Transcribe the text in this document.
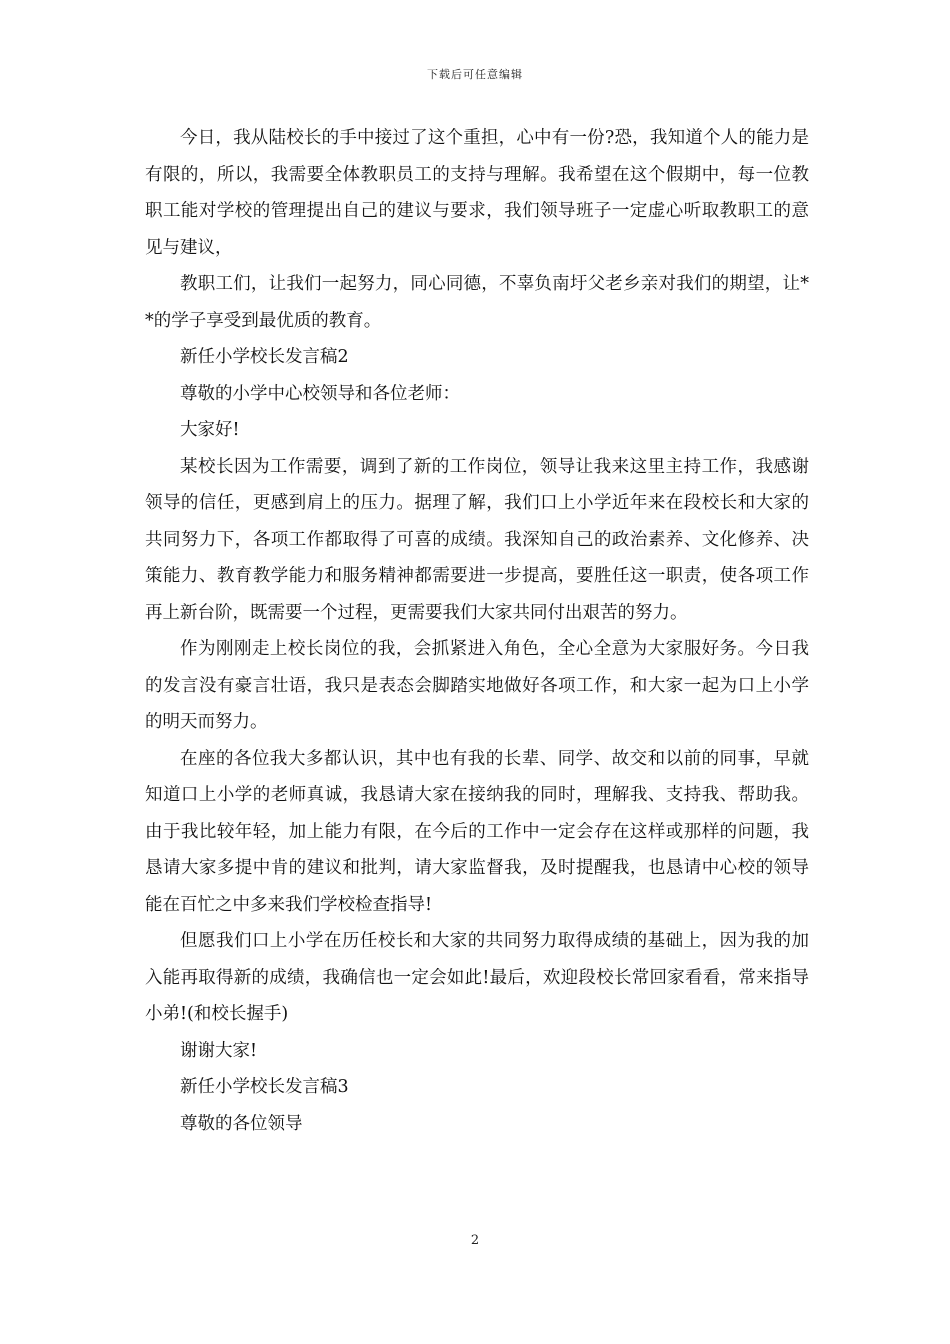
下载后可任意编辑

今日，我从陆校长的手中接过了这个重担，心中有一份?恐，我知道个人的能力是有限的，所以，我需要全体教职员工的支持与理解。我希望在这个假期中，每一位教职工能对学校的管理提出自己的建议与要求，我们领导班子一定虚心听取教职工的意见与建议，

教职工们，让我们一起努力，同心同德，不辜负南圩父老乡亲对我们的期望，让**的学子享受到最优质的教育。

新任小学校长发言稿2

尊敬的小学中心校领导和各位老师：

大家好!

某校长因为工作需要，调到了新的工作岗位，领导让我来这里主持工作，我感谢领导的信任，更感到肩上的压力。据理了解，我们口上小学近年来在段校长和大家的共同努力下，各项工作都取得了可喜的成绩。我深知自己的政治素养、文化修养、决策能力、教育教学能力和服务精神都需要进一步提高，要胜任这一职责，使各项工作再上新台阶，既需要一个过程，更需要我们大家共同付出艰苦的努力。

作为刚刚走上校长岗位的我，会抓紧进入角色，全心全意为大家服好务。今日我的发言没有豪言壮语，我只是表态会脚踏实地做好各项工作，和大家一起为口上小学的明天而努力。

在座的各位我大多都认识，其中也有我的长辈、同学、故交和以前的同事，早就知道口上小学的老师真诚，我恳请大家在接纳我的同时，理解我、支持我、帮助我。由于我比较年轻，加上能力有限，在今后的工作中一定会存在这样或那样的问题，我恳请大家多提中肯的建议和批判，请大家监督我，及时提醒我，也恳请中心校的领导能在百忙之中多来我们学校检查指导!

但愿我们口上小学在历任校长和大家的共同努力取得成绩的基础上，因为我的加入能再取得新的成绩，我确信也一定会如此!最后，欢迎段校长常回家看看，常来指导小弟!(和校长握手)

谢谢大家!

新任小学校长发言稿3

尊敬的各位领导

2
